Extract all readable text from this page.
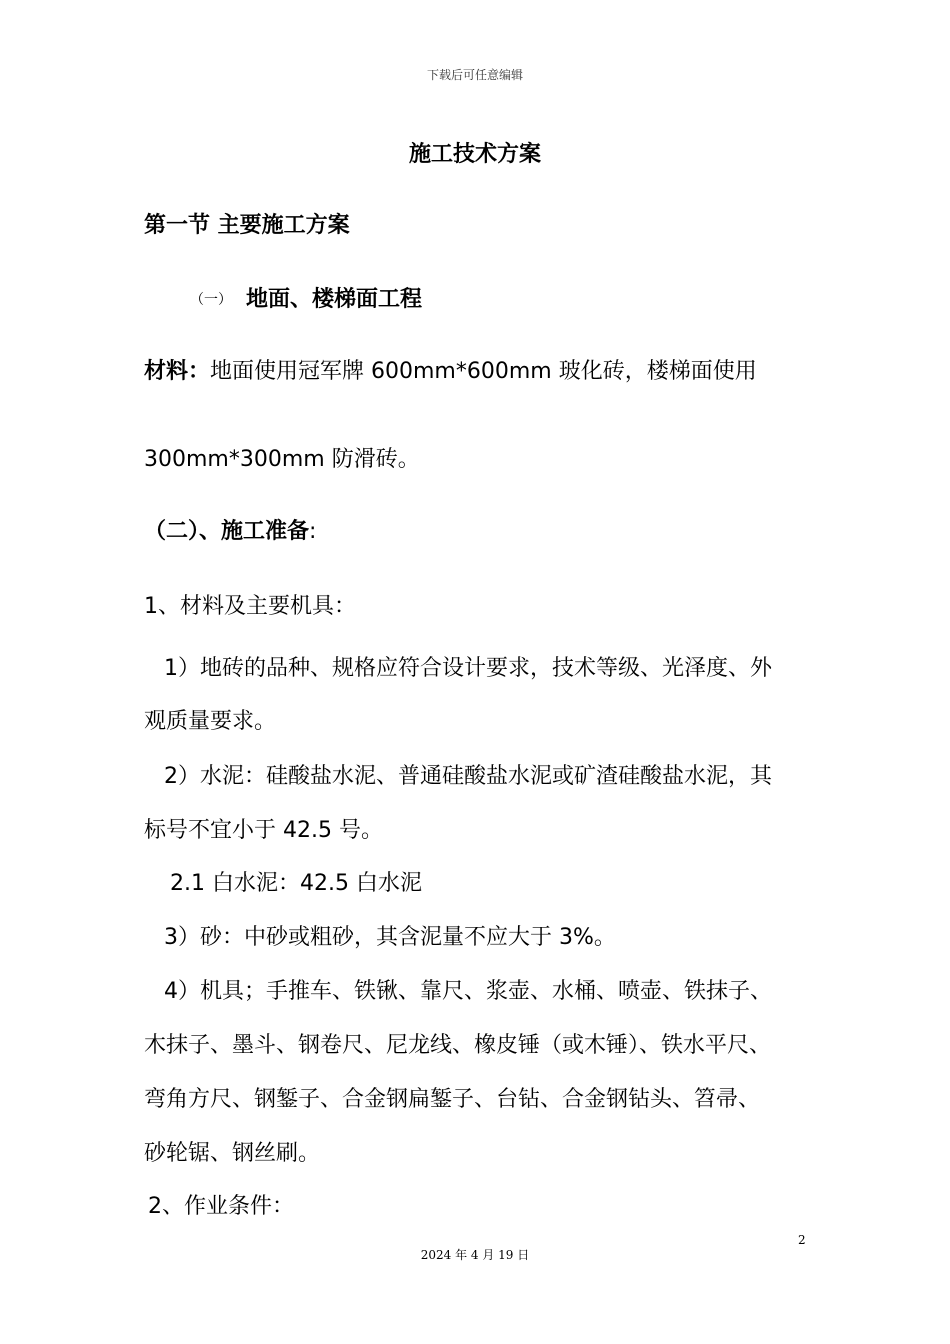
下载后可任意编辑
施工技术方案
第一节 主要施工方案
（一） 地面、楼梯面工程
材料：地面使用冠军牌 600mm*600mm 玻化砖，楼梯面使用
300mm*300mm 防滑砖。
（二）、施工准备:
1、材料及主要机具：
1）地砖的品种、规格应符合设计要求，技术等级、光泽度、外
观质量要求。
2）水泥：硅酸盐水泥、普通硅酸盐水泥或矿渣硅酸盐水泥，其
标号不宜小于 42.5 号。
2.1 白水泥：42.5 白水泥
3）砂：中砂或粗砂，其含泥量不应大于 3%。
4）机具；手推车、铁锹、靠尺、浆壶、水桶、喷壶、铁抹子、
木抹子、墨斗、钢卷尺、尼龙线、橡皮锤（或木锤）、铁水平尺、
弯角方尺、钢錾子、合金钢扁錾子、台钻、合金钢钻头、笤帚、
砂轮锯、钢丝刷。
2、作业条件：
2
2024 年 4 月 19 日
